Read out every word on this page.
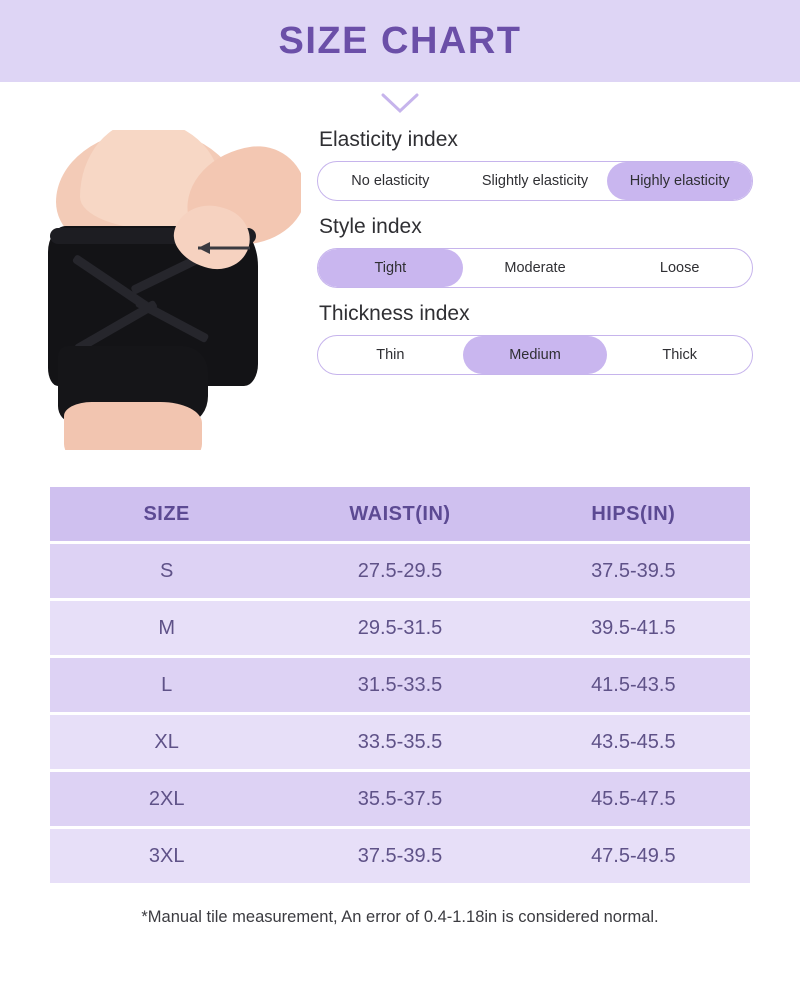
SIZE CHART
Elasticity index
No elasticity	Slightly elasticity	Highly elasticity
Style index
Tight	Moderate	Loose
Thickness index
Thin	Medium	Thick
SIZE	WAIST(IN)	HIPS(IN)
S	27.5-29.5	37.5-39.5
M	29.5-31.5	39.5-41.5
L	31.5-33.5	41.5-43.5
XL	33.5-35.5	43.5-45.5
2XL	35.5-37.5	45.5-47.5
3XL	37.5-39.5	47.5-49.5
*Manual tile measurement, An error of 0.4-1.18in is considered normal.
